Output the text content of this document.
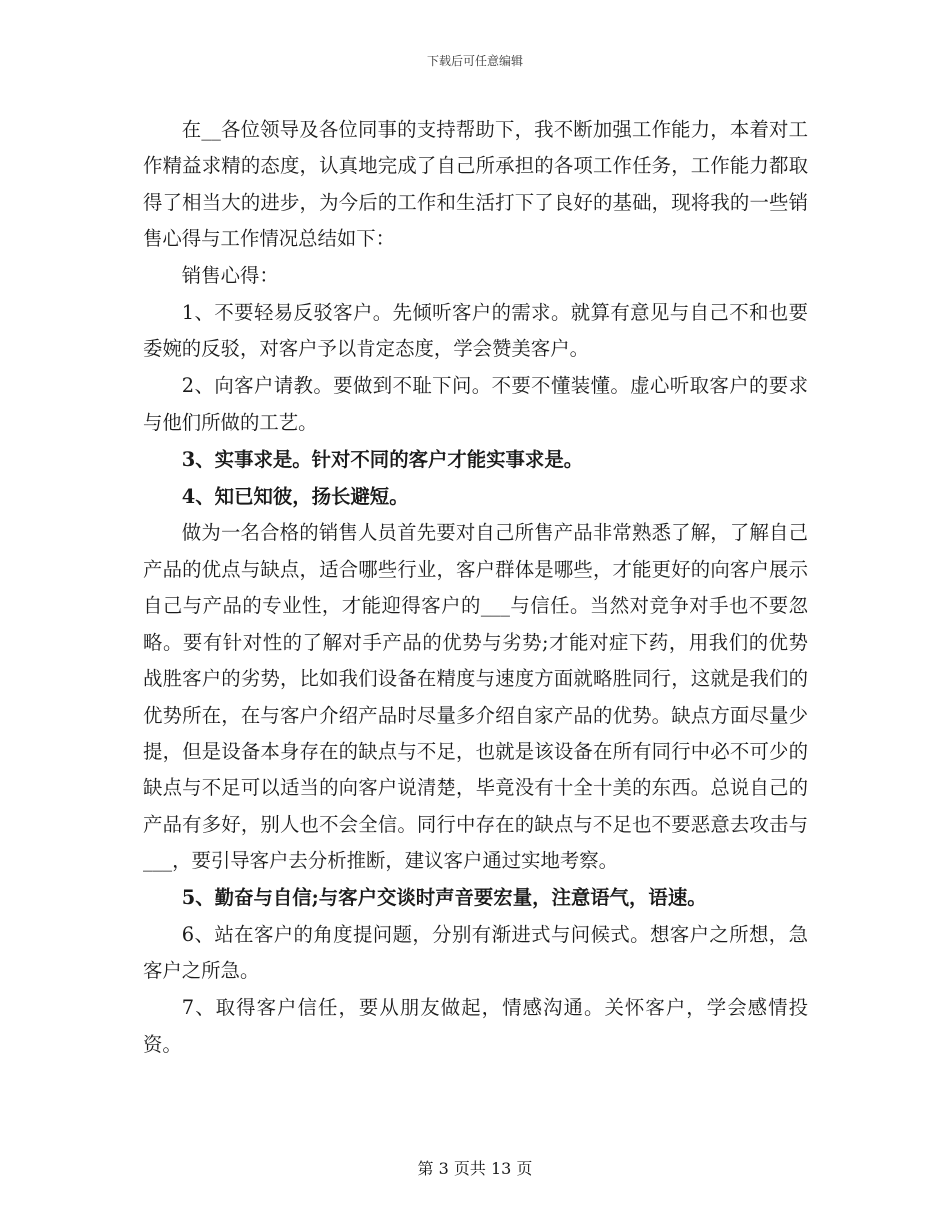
下载后可任意编辑

在__各位领导及各位同事的支持帮助下，我不断加强工作能力，本着对工作精益求精的态度，认真地完成了自己所承担的各项工作任务，工作能力都取得了相当大的进步，为今后的工作和生活打下了良好的基础，现将我的一些销售心得与工作情况总结如下：

销售心得：

1、不要轻易反驳客户。先倾听客户的需求。就算有意见与自己不和也要委婉的反驳，对客户予以肯定态度，学会赞美客户。

2、向客户请教。要做到不耻下问。不要不懂装懂。虚心听取客户的要求与他们所做的工艺。

3、实事求是。针对不同的客户才能实事求是。

4、知已知彼，扬长避短。

做为一名合格的销售人员首先要对自己所售产品非常熟悉了解，了解自己产品的优点与缺点，适合哪些行业，客户群体是哪些，才能更好的向客户展示自己与产品的专业性，才能迎得客户的___与信任。当然对竞争对手也不要忽略。要有针对性的了解对手产品的优势与劣势;才能对症下药，用我们的优势战胜客户的劣势，比如我们设备在精度与速度方面就略胜同行，这就是我们的优势所在，在与客户介绍产品时尽量多介绍自家产品的优势。缺点方面尽量少提，但是设备本身存在的缺点与不足，也就是该设备在所有同行中必不可少的缺点与不足可以适当的向客户说清楚，毕竟没有十全十美的东西。总说自己的产品有多好，别人也不会全信。同行中存在的缺点与不足也不要恶意去攻击与___，要引导客户去分析推断，建议客户通过实地考察。

5、勤奋与自信;与客户交谈时声音要宏量，注意语气，语速。

6、站在客户的角度提问题，分别有渐进式与问候式。想客户之所想，急客户之所急。

7、取得客户信任，要从朋友做起，情感沟通。关怀客户，学会感情投资。

第 3 页共 13 页
